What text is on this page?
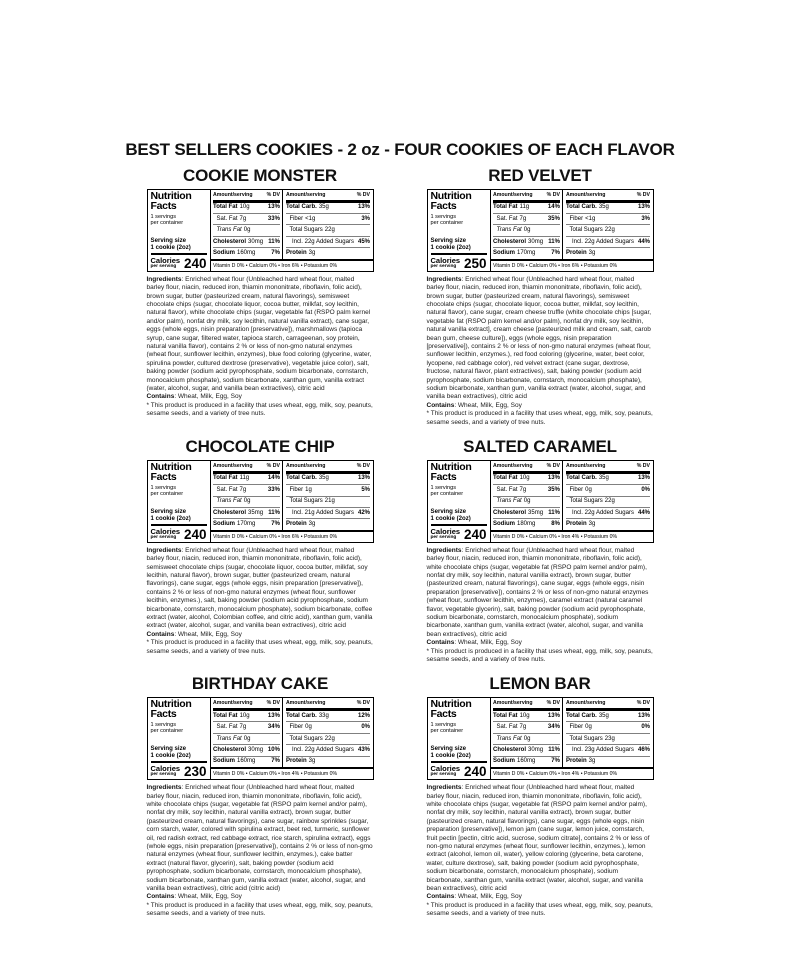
BEST SELLERS COOKIES - 2 oz - FOUR COOKIES OF EACH FLAVOR
COOKIE MONSTER
Nutrition Facts
1 servings
per container
Serving size
1 cookie (2oz)
Calories
per serving 240
Amount/serving	% DV
Total Fat 10g	13%
Sat. Fat 7g	33%
Trans Fat 0g
Cholesterol 30mg 11%
Sodium 160mg	7%
Amount/serving	% DV
Total Carb. 35g	13%
Fiber <1g	3%
Total Sugars 22g
Incl. 22g Added Sugars 45%
Protein 3g
Vitamin D 0% • Calcium 0% • Iron 6% • Potassium 0%

Ingredients: Enriched wheat flour (Unbleached hard wheat flour, malted barley flour, niacin, reduced iron, thiamin mononitrate, riboflavin, folic acid), brown sugar, butter (pasteurized cream, natural flavorings), semisweet chocolate chips (sugar, chocolate liquor, cocoa butter, milkfat, soy lecithin, natural flavor), white chocolate chips (sugar, vegetable fat (RSPO palm kernel and/or palm), nonfat dry milk, soy lecithin, natural vanilla extract), cane sugar, eggs (whole eggs, nisin preparation [preservative]), marshmallows (tapioca syrup, cane sugar, filtered water, tapioca starch, carrageenan, soy protein, natural vanilla flavor), contains 2 % or less of non-gmo natural enzymes (wheat flour, sunflower lecithin, enzymes), blue food coloring (glycerine, water, spirulina powder, cultured dextrose (preservative), vegetable juice color), salt, baking powder (sodium acid pyrophosphate, sodium bicarbonate, cornstarch, monocalcium phosphate), sodium bicarbonate, xanthan gum, vanilla extract (water, alcohol, sugar, and vanilla bean extractives), citric acid

Contains: Wheat, Milk, Egg, Soy

* This product is produced in a facility that uses wheat, egg, milk, soy, peanuts, sesame seeds, and a variety of tree nuts.

RED VELVET
Nutrition Facts
1 servings
per container
Serving size
1 cookie (2oz)
Calories
per serving 250
Amount/serving	% DV
Total Fat 11g	14%
Sat. Fat 7g	35%
Trans Fat 0g
Cholesterol 30mg 11%
Sodium 170mg	7%
Amount/serving	% DV
Total Carb. 35g	13%
Fiber <1g	3%
Total Sugars 22g
Incl. 22g Added Sugars 44%
Protein 3g
Vitamin D 0% • Calcium 0% • Iron 6% • Potassium 0%

Ingredients: Enriched wheat flour (Unbleached hard wheat flour, malted barley flour, niacin, reduced iron, thiamin mononitrate, riboflavin, folic acid), brown sugar, butter (pasteurized cream, natural flavorings), semisweet chocolate chips (sugar, chocolate liquor, cocoa butter, milkfat, soy lecithin, natural flavor), cane sugar, cream cheese truffle (white chocolate chips [sugar, vegetable fat (RSPO palm kernel and/or palm), nonfat dry milk, soy lecithin, natural vanilla extract], cream cheese [pasteurized milk and cream, salt, carob bean gum, cheese culture]), eggs (whole eggs, nisin preparation [preservative]), contains 2 % or less of non-gmo natural enzymes (wheat flour, sunflower lecithin, enzymes.), red food coloring (glycerine, water, beet color, lycopene, red cabbage color), red velvet extract (cane sugar, dextrose, fructose, natural flavor, plant extractives), salt, baking powder (sodium acid pyrophosphate, sodium bicarbonate, cornstarch, monocalcium phosphate), sodium bicarbonate, xanthan gum, vanilla extract (water, alcohol, sugar, and vanilla bean extractives), citric acid

Contains: Wheat, Milk, Egg, Soy

* This product is produced in a facility that uses wheat, egg, milk, soy, peanuts, sesame seeds, and a variety of tree nuts.

CHOCOLATE CHIP
Nutrition Facts
1 servings
per container
Serving size
1 cookie (2oz)
Calories
per serving 240
Amount/serving	% DV
Total Fat 11g	14%
Sat. Fat 7g	33%
Trans Fat 0g
Cholesterol 35mg 11%
Sodium 170mg	7%
Amount/serving	% DV
Total Carb. 35g	13%
Fiber 1g	5%
Total Sugars 21g
Incl. 21g Added Sugars 42%
Protein 3g
Vitamin D 0% • Calcium 0% • Iron 6% • Potassium 0%

Ingredients: Enriched wheat flour (Unbleached hard wheat flour, malted barley flour, niacin, reduced iron, thiamin mononitrate, riboflavin, folic acid), semisweet chocolate chips (sugar, chocolate liquor, cocoa butter, milkfat, soy lecithin, natural flavor), brown sugar, butter (pasteurized cream, natural flavorings), cane sugar, eggs (whole eggs, nisin preparation [preservative]), contains 2 % or less of non-gmo natural enzymes (wheat flour, sunflower lecithin, enzymes.), salt, baking powder (sodium acid pyrophosphate, sodium bicarbonate, cornstarch, monocalcium phosphate), sodium bicarbonate, coffee extract (water, alcohol, Colombian coffee, and citric acid), xanthan gum, vanilla extract (water, alcohol, sugar, and vanilla bean extractives), citric acid

Contains: Wheat, Milk, Egg, Soy

* This product is produced in a facility that uses wheat, egg, milk, soy, peanuts, sesame seeds, and a variety of tree nuts.

SALTED CARAMEL
Nutrition Facts
1 servings
per container
Serving size
1 cookie (2oz)
Calories
per serving 240
Amount/serving	% DV
Total Fat 10g	13%
Sat. Fat 7g	35%
Trans Fat 0g
Cholesterol 35mg 11%
Sodium 180mg	8%
Amount/serving	% DV
Total Carb. 35g	13%
Fiber 0g	0%
Total Sugars 22g
Incl. 22g Added Sugars 44%
Protein 3g
Vitamin D 0% • Calcium 0% • Iron 4% • Potassium 0%

Ingredients: Enriched wheat flour (Unbleached hard wheat flour, malted barley flour, niacin, reduced iron, thiamin mononitrate, riboflavin, folic acid), white chocolate chips (sugar, vegetable fat (RSPO palm kernel and/or palm), nonfat dry milk, soy lecithin, natural vanilla extract), brown sugar, butter (pasteurized cream, natural flavorings), cane sugar, eggs (whole eggs, nisin preparation [preservative]), contains 2 % or less of non-gmo natural enzymes (wheat flour, sunflower lecithin, enzymes), caramel extract (natural caramel flavor, vegetable glycerin), salt, baking powder (sodium acid pyrophosphate, sodium bicarbonate, cornstarch, monocalcium phosphate), sodium bicarbonate, xanthan gum, vanilla extract (water, alcohol, sugar, and vanilla bean extractives), citric acid

Contains: Wheat, Milk, Egg, Soy

* This product is produced in a facility that uses wheat, egg, milk, soy, peanuts, sesame seeds, and a variety of tree nuts.

BIRTHDAY CAKE
Nutrition Facts
1 servings
per container
Serving size
1 cookie (2oz)
Calories
per serving 230
Amount/serving	% DV
Total Fat 10g	13%
Sat. Fat 7g	34%
Trans Fat 0g
Cholesterol 30mg 10%
Sodium 160mg	7%
Amount/serving	% DV
Total Carb. 33g	12%
Fiber 0g	0%
Total Sugars 22g
Incl. 22g Added Sugars 43%
Protein 3g
Vitamin D 0% • Calcium 0% • Iron 4% • Potassium 0%

Ingredients: Enriched wheat flour (Unbleached hard wheat flour, malted barley flour, niacin, reduced iron, thiamin mononitrate, riboflavin, folic acid), white chocolate chips (sugar, vegetable fat (RSPO palm kernel and/or palm), nonfat dry milk, soy lecithin, natural vanilla extract), brown sugar, butter (pasteurized cream, natural flavorings), cane sugar, rainbow sprinkles (sugar, corn starch, water, colored with spirulina extract, beet red, turmeric, sunflower oil, red radish extract, red cabbage extract, rice starch, spirulina extract), eggs (whole eggs, nisin preparation [preservative]), contains 2 % or less of non-gmo natural enzymes (wheat flour, sunflower lecithin, enzymes.), cake batter extract (natural flavor, glycerin), salt, baking powder (sodium acid pyrophosphate, sodium bicarbonate, cornstarch, monocalcium phosphate), sodium bicarbonate, xanthan gum, vanilla extract (water, alcohol, sugar, and vanilla bean extractives), citric acid (citric acid)

Contains: Wheat, Milk, Egg, Soy

* This product is produced in a facility that uses wheat, egg, milk, soy, peanuts, sesame seeds, and a variety of tree nuts.

LEMON BAR
Nutrition Facts
1 servings
per container
Serving size
1 cookie (2oz)
Calories
per serving 240
Amount/serving	% DV
Total Fat 10g	13%
Sat. Fat 7g	34%
Trans Fat 0g
Cholesterol 30mg 11%
Sodium 160mg	7%
Amount/serving	% DV
Total Carb. 35g	13%
Fiber 0g	0%
Total Sugars 23g
Incl. 23g Added Sugars 46%
Protein 3g
Vitamin D 0% • Calcium 0% • Iron 4% • Potassium 0%

Ingredients: Enriched wheat flour (Unbleached hard wheat flour, malted barley flour, niacin, reduced iron, thiamin mononitrate, riboflavin, folic acid), white chocolate chips (sugar, vegetable fat (RSPO palm kernel and/or palm), nonfat dry milk, soy lecithin, natural vanilla extract), brown sugar, butter (pasteurized cream, natural flavorings), cane sugar, eggs (whole eggs, nisin preparation [preservative]), lemon jam (cane sugar, lemon juice, cornstarch, fruit pectin [pectin, citric acid, sucrose, sodium citrate], contains 2 % or less of non-gmo natural enzymes (wheat flour, sunflower lecithin, enzymes.), lemon extract (alcohol, lemon oil, water), yellow coloring (glycerine, beta carotene, water, culture dextrose), salt, baking powder (sodium acid pyrophosphate, sodium bicarbonate, cornstarch, monocalcium phosphate), sodium bicarbonate, xanthan gum, vanilla extract (water, alcohol, sugar, and vanilla bean extractives), citric acid

Contains: Wheat, Milk, Egg, Soy

* This product is produced in a facility that uses wheat, egg, milk, soy, peanuts, sesame seeds, and a variety of tree nuts.
